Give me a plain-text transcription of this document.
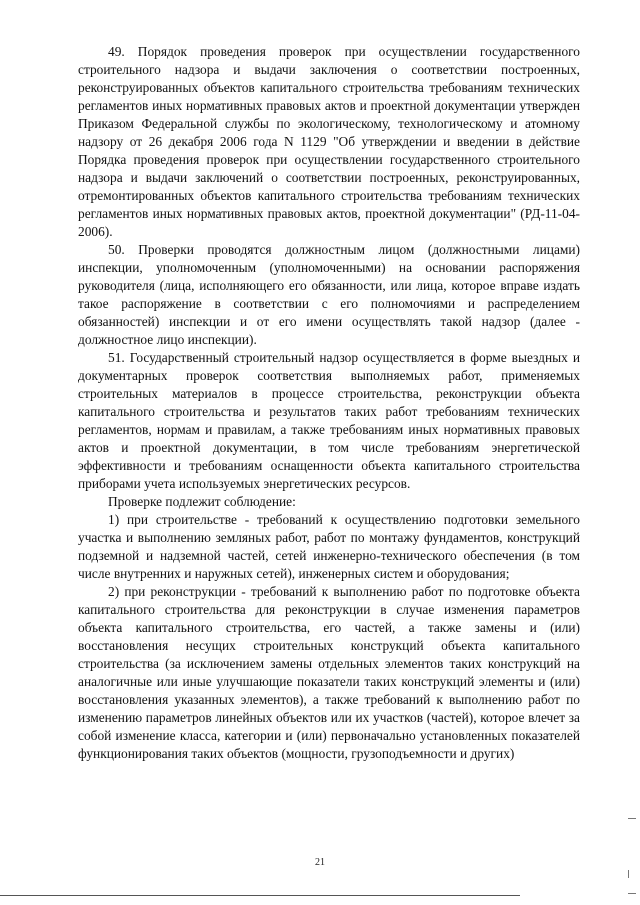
49. Порядок проведения проверок при осуществлении государственного строительного надзора и выдачи заключения о соответствии построенных, реконструированных объектов капитального строительства требованиям технических регламентов иных нормативных правовых актов и проектной документации утвержден Приказом Федеральной службы по экологическому, технологическому и атомному надзору от 26 декабря 2006 года N 1129 "Об утверждении и введении в действие Порядка проведения проверок при осуществлении государственного строительного надзора и выдачи заключений о соответствии построенных, реконструированных, отремонтированных объектов капитального строительства требованиям технических регламентов иных нормативных правовых актов, проектной документации" (РД-11-04-2006).

50. Проверки проводятся должностным лицом (должностными лицами) инспекции, уполномоченным (уполномоченными) на основании распоряжения руководителя (лица, исполняющего его обязанности, или лица, которое вправе издать такое распоряжение в соответствии с его полномочиями и распределением обязанностей) инспекции и от его имени осуществлять такой надзор (далее - должностное лицо инспекции).

51. Государственный строительный надзор осуществляется в форме выездных и документарных проверок соответствия выполняемых работ, применяемых строительных материалов в процессе строительства, реконструкции объекта капитального строительства и результатов таких работ требованиям технических регламентов, нормам и правилам, а также требованиям иных нормативных правовых актов и проектной документации, в том числе требованиям энергетической эффективности и требованиям оснащенности объекта капитального строительства приборами учета используемых энергетических ресурсов.

Проверке подлежит соблюдение:

1) при строительстве - требований к осуществлению подготовки земельного участка и выполнению земляных работ, работ по монтажу фундаментов, конструкций подземной и надземной частей, сетей инженерно-технического обеспечения (в том числе внутренних и наружных сетей), инженерных систем и оборудования;

2) при реконструкции - требований к выполнению работ по подготовке объекта капитального строительства для реконструкции в случае изменения параметров объекта капитального строительства, его частей, а также замены и (или) восстановления несущих строительных конструкций объекта капитального строительства (за исключением замены отдельных элементов таких конструкций на аналогичные или иные улучшающие показатели таких конструкций элементы и (или) восстановления указанных элементов), а также требований к выполнению работ по изменению параметров линейных объектов или их участков (частей), которое влечет за собой изменение класса, категории и (или) первоначально установленных показателей функционирования таких объектов (мощности, грузоподъемности и других)

21
